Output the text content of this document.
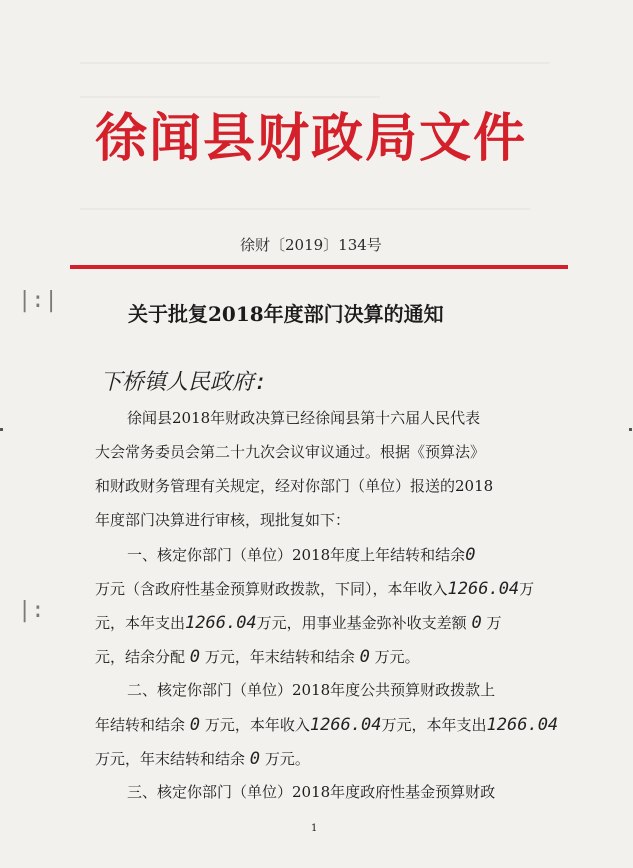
徐闻县财政局文件
徐财〔2019〕134号
关于批复2018年度部门决算的通知
下桥镇人民政府:
徐闻县2018年财政决算已经徐闻县第十六届人民代表
大会常务委员会第二十九次会议审议通过。根据《预算法》
和财政财务管理有关规定，经对你部门（单位）报送的2018
年度部门决算进行审核，现批复如下：
一、核定你部门（单位）2018年度上年结转和结余0
万元（含政府性基金预算财政拨款，下同），本年收入1266.04万
元，本年支出1266.04万元，用事业基金弥补收支差额 0 万
元，结余分配 0 万元，年末结转和结余 0 万元。
二、核定你部门（单位）2018年度公共预算财政拨款上
年结转和结余 0 万元，本年收入1266.04万元，本年支出1266.04
万元，年末结转和结余 0 万元。
三、核定你部门（单位）2018年度政府性基金预算财政
1
|:|
|:
